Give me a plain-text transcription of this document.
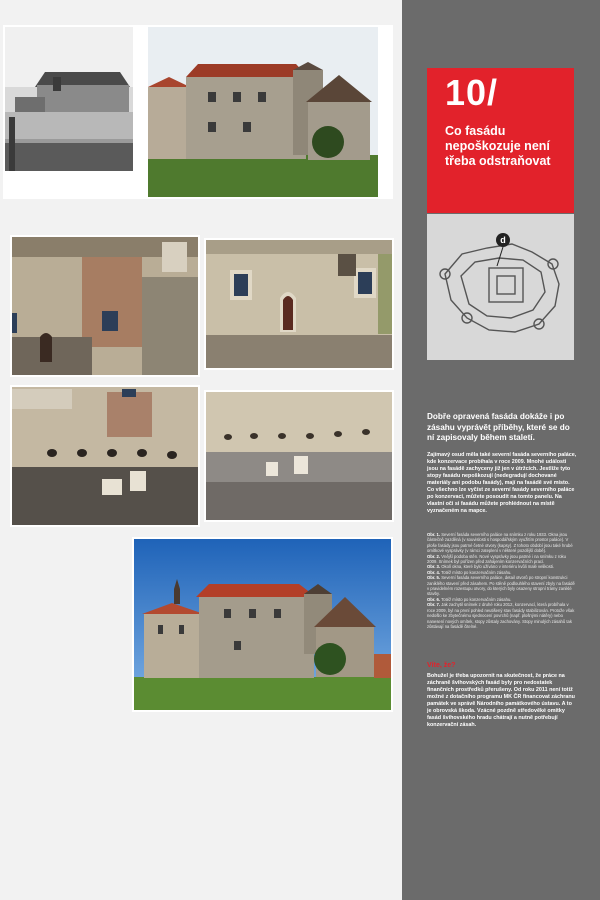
10/
Co fasádu nepoškozuje není třeba odstraňovat
d
Dobře opravená fasáda dokáže i po zásahu vyprávět příběhy, které se do ní zapisovaly během staletí.

Zajímavý osud měla také severní fasáda severního paláce, kde konzervace probíhala v roce 2009. Mnohé události jsou na fasádě zachyceny již jen v útržcích. Jestliže tyto stopy fasádu nepoškozují (nedegradují dochované materiály ani podobu fasády), mají na fasádě své místo.

Co všechno lze vyčíst ze severní fasády severního paláce po konzervaci, můžete posoudit na tomto panelu. Na vlastní oči si fasádu můžete prohlédnout na místě vyznačeném na mapce.

Obr. 1. Severní fasáda severního paláce na snímku z roku 1933. Okna jsou částečně zazděná (v souvislosti s hospodářským využitím prostor paláce). V ploše fasády jsou patrné četné otvory (kapsy). Z tohoto období jsou také hrubé omítkové vysprávky (v rámci zateplení v některé pozdější době).
Obr. 2. Vnější podoba stěn. Nové vysprávky jsou patrné i na snímku z roku 2009. Snímek byl pořízen před zahájením konzervačních prací.
Obr. 3. Okolí okna, které bylo užíváno v interiéru kvůli malé velikosti.
Obr. 4. Totéž místo po konzervačním zásahu.
Obr. 5. Severní fasáda severního paláce, detail otvorů po stropní konstrukci zaniklého stavení před zásahem. Po stěně podlouhlého stavení zbyly na fasádě v pravidelném rozestupu otvory, do kterých byly osazeny stropní trámy zaniklé stavby.
Obr. 6. Totéž místo po konzervačním zásahu.
Obr. 7. Jak zachytil snímek z druhé roku 2012, konzervací, která probíhala v roce 2009, byl na první pohled neutišený stav fasády stabilizován. Protože však nedošlo ke zbytečnému sjednocení povrchů (např. plošnými nátěry) nebo nanesení nových omítek, stopy zůstaly zachovány. Stopy minulých zásahů tak zůstávají na fasádě čitelné.
Víte, že?
Bohužel je třeba upozornit na skutečnost, že práce na záchraně švihovských fasád byly pro nedostatek finančních prostředků přerušeny. Od roku 2011 není totiž možné z dotačního programu MK ČR financovat záchranu památek ve správě Národního památkového ústavu. A to je obrovská škoda. Vzácné pozdně středověké omítky fasád švihovského hradu chátrají a nutně potřebují konzervační zásah.
